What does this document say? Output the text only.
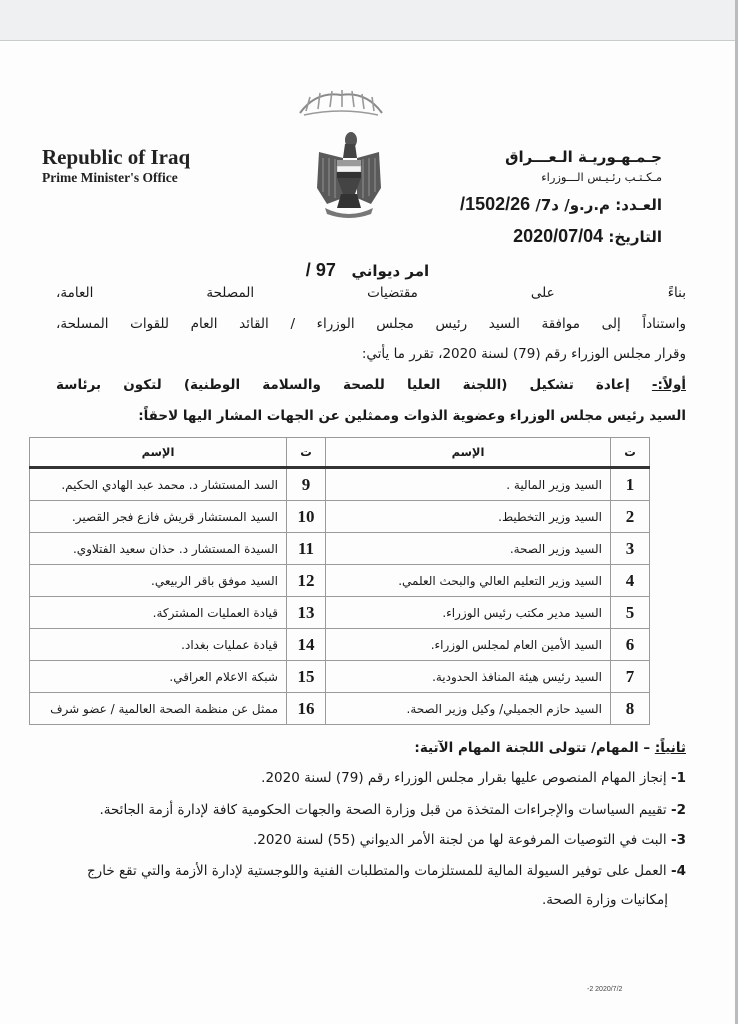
Republic of Iraq
Prime Minister's Office
جـمـهـوريـة الـعـــراق
مـكـتـب رئـيـس الـــوزراء
العـدد: م.ر.و/ د7/ 1502/26/
التاريخ: 2020/07/04
امر ديواني   97 /
بناءً على مقتضيات المصلحة العامة،
واستناداً إلى موافقة السيد رئيس مجلس الوزراء / القائد العام للقوات المسلحة،
وقرار مجلس الوزراء رقم (79) لسنة 2020، تقرر ما يأتي:
أولاً:- إعادة تشكيل (اللجنة العليا للصحة والسلامة الوطنية) لتكون برئاسة
السيد رئيس مجلس الوزراء وعضوية الذوات وممثلين عن الجهات المشار اليها لاحقاً:
ت	الإسم	ت	الإسم
1	السيد وزير المالية .	9	السد المستشار د. محمد عبد الهادي الحكيم.
2	السيد وزير التخطيط.	10	السيد المستشار قريش فازع فجر القصير.
3	السيد وزير الصحة.	11	السيدة المستشار د. حذان سعيد الفتلاوي.
4	السيد وزير التعليم العالي والبحث العلمي.	12	السيد موفق باقر الربيعي.
5	السيد مدير مكتب رئيس الوزراء.	13	قيادة العمليات المشتركة.
6	السيد الأمين العام لمجلس الوزراء.	14	قيادة عمليات بغداد.
7	السيد رئيس هيئة المنافذ الحدودية.	15	شبكة الاعلام العراقي.
8	السيد حازم الجميلي/ وكيل وزير الصحة.	16	ممثل عن منظمة الصحة العالمية / عضو شرف
ثانياً: – المهام/ تتولى اللجنة المهام الآتية:
1- إنجاز المهام المنصوص عليها بقرار مجلس الوزراء رقم (79) لسنة 2020.
2- تقييم السياسات والإجراءات المتخذة من قبل وزارة الصحة والجهات الحكومية كافة لإدارة أزمة الجائحة.
3- البت في التوصيات المرفوعة لها من لجنة الأمر الديواني (55) لسنة 2020.
4- العمل على توفير السيولة المالية للمستلزمات والمتطلبات الفنية واللوجستية لإدارة الأزمة والتي تقع خارج
إمكانيات وزارة الصحة.
-2 2020/7/2
